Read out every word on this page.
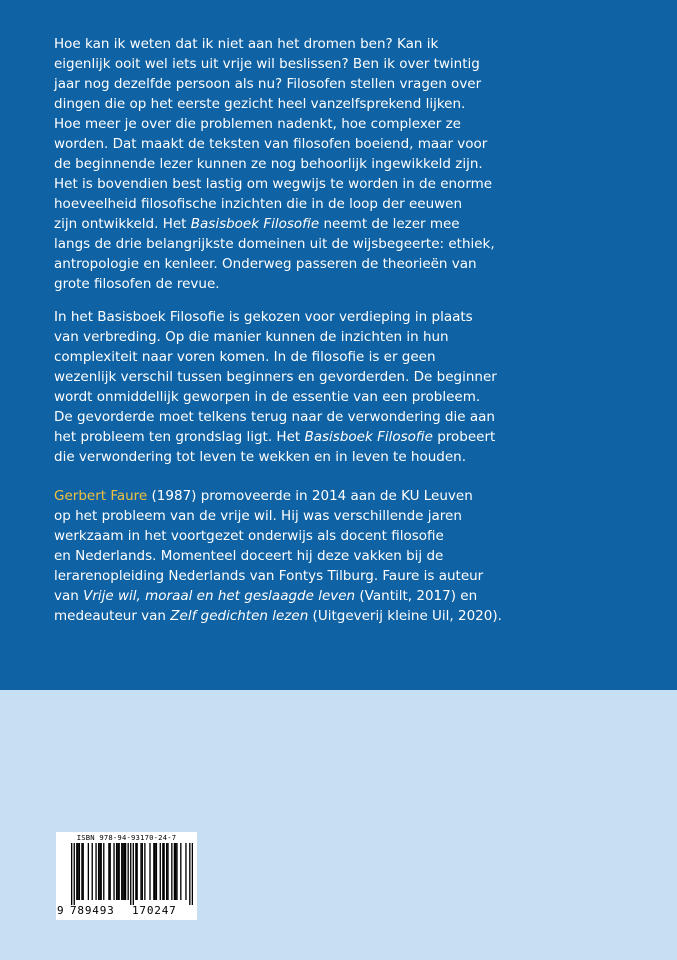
Hoe kan ik weten dat ik niet aan het dromen ben? Kan ik
eigenlijk ooit wel iets uit vrije wil beslissen? Ben ik over twintig
jaar nog dezelfde persoon als nu? Filosofen stellen vragen over
dingen die op het eerste gezicht heel vanzelfsprekend lijken.
Hoe meer je over die problemen nadenkt, hoe complexer ze
worden. Dat maakt de teksten van filosofen boeiend, maar voor
de beginnende lezer kunnen ze nog behoorlijk ingewikkeld zijn.
Het is bovendien best lastig om wegwijs te worden in de enorme
hoeveelheid filosofische inzichten die in de loop der eeuwen
zijn ontwikkeld. Het Basisboek Filosofie neemt de lezer mee
langs de drie belangrijkste domeinen uit de wijsbegeerte: ethiek,
antropologie en kenleer. Onderweg passeren de theorieën van
grote filosofen de revue.
In het Basisboek Filosofie is gekozen voor verdieping in plaats
van verbreding. Op die manier kunnen de inzichten in hun
complexiteit naar voren komen. In de filosofie is er geen
wezenlijk verschil tussen beginners en gevorderden. De beginner
wordt onmiddellijk geworpen in de essentie van een probleem.
De gevorderde moet telkens terug naar de verwondering die aan
het probleem ten grondslag ligt. Het Basisboek Filosofie probeert
die verwondering tot leven te wekken en in leven te houden.
Gerbert Faure (1987) promoveerde in 2014 aan de KU Leuven
op het probleem van de vrije wil. Hij was verschillende jaren
werkzaam in het voortgezet onderwijs als docent filosofie
en Nederlands. Momenteel doceert hij deze vakken bij de
lerarenopleiding Nederlands van Fontys Tilburg. Faure is auteur
van Vrije wil, moraal en het geslaagde leven (Vantilt, 2017) en
medeauteur van Zelf gedichten lezen (Uitgeverij kleine Uil, 2020).
ISBN 978-94-93170-24-7
9 789493 170247
